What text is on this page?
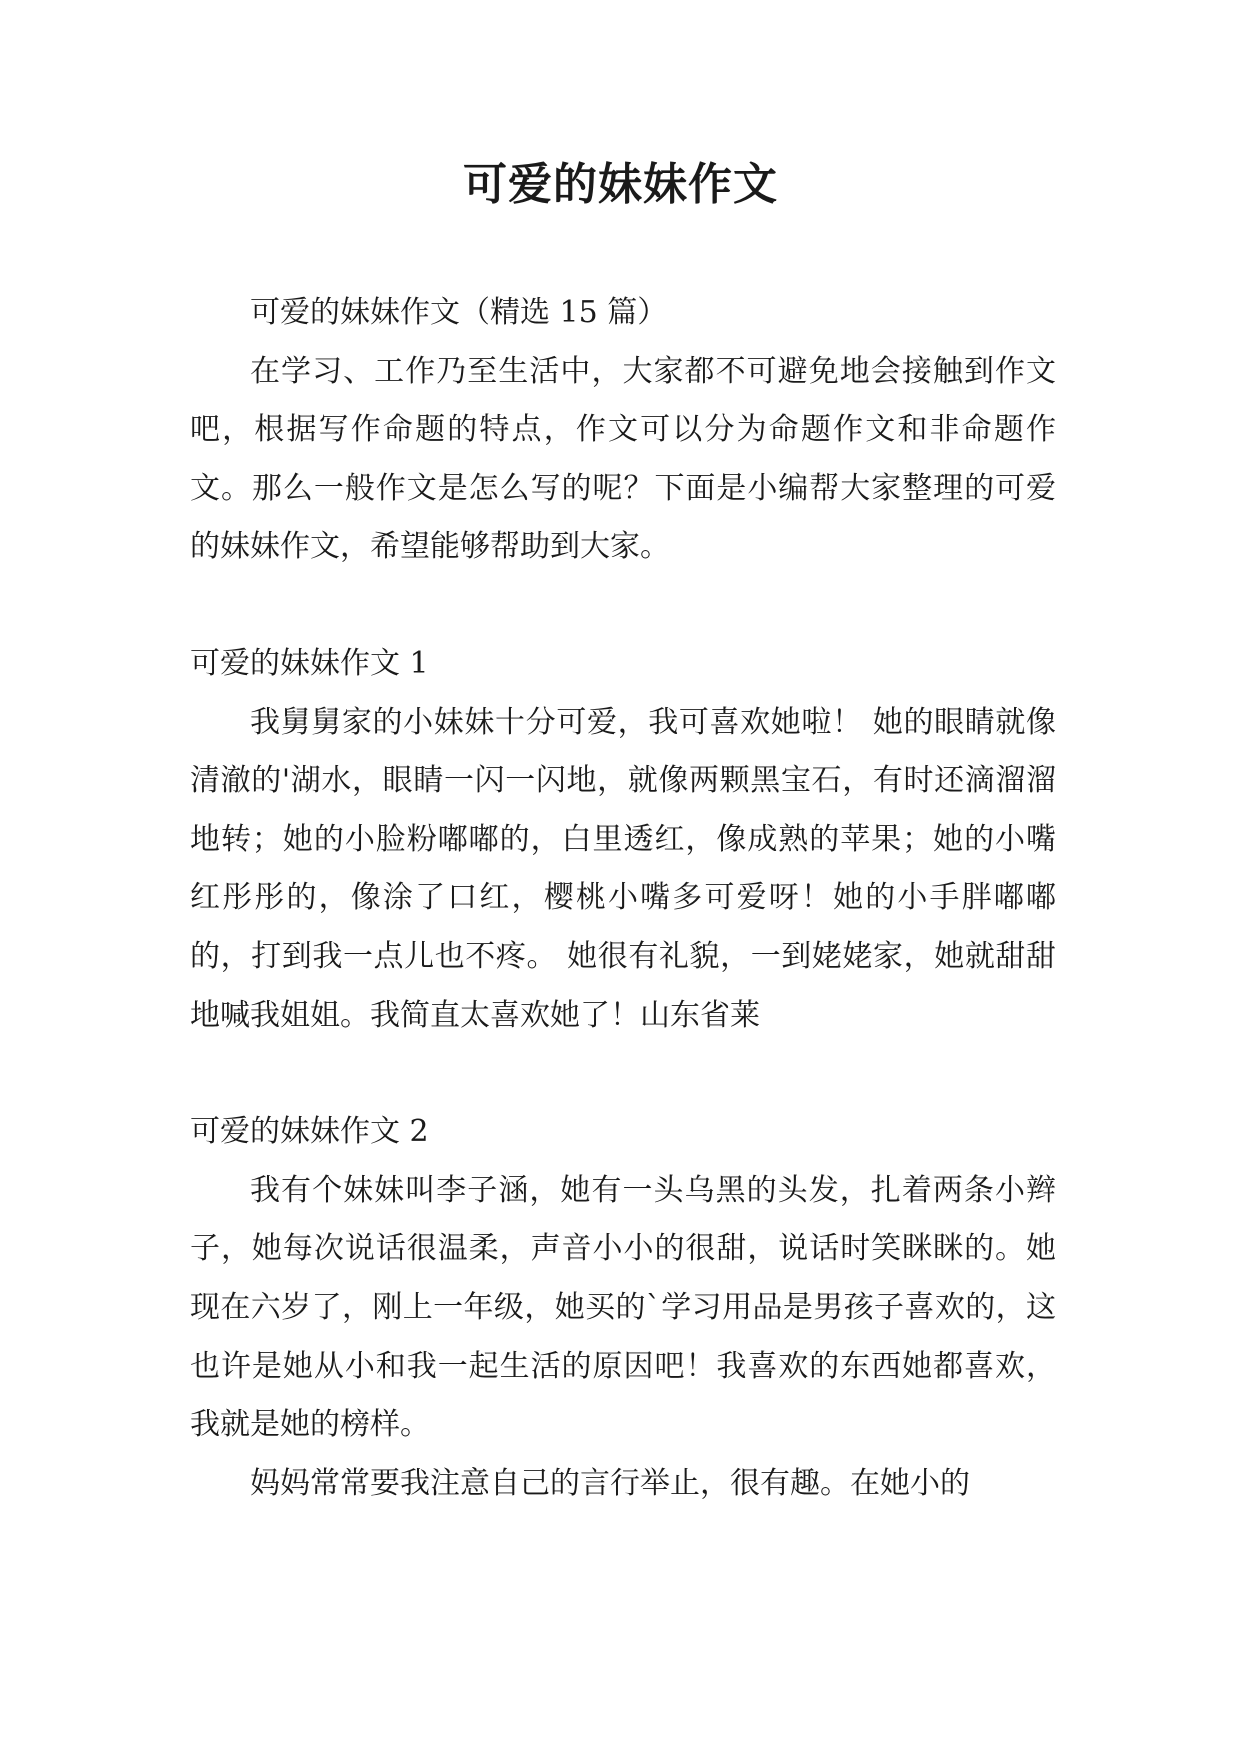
可爱的妹妹作文

可爱的妹妹作文（精选 15 篇）

在学习、工作乃至生活中，大家都不可避免地会接触到作文吧，根据写作命题的特点，作文可以分为命题作文和非命题作文。那么一般作文是怎么写的呢？下面是小编帮大家整理的可爱的妹妹作文，希望能够帮助到大家。

可爱的妹妹作文 1

我舅舅家的小妹妹十分可爱，我可喜欢她啦！ 她的眼睛就像清澈的'湖水，眼睛一闪一闪地，就像两颗黑宝石，有时还滴溜溜地转；她的小脸粉嘟嘟的，白里透红，像成熟的苹果；她的小嘴红彤彤的，像涂了口红，樱桃小嘴多可爱呀！她的小手胖嘟嘟的，打到我一点儿也不疼。 她很有礼貌，一到姥姥家，她就甜甜地喊我姐姐。我简直太喜欢她了！山东省莱

可爱的妹妹作文 2

我有个妹妹叫李子涵，她有一头乌黑的头发，扎着两条小辫子，她每次说话很温柔，声音小小的很甜，说话时笑眯眯的。她现在六岁了，刚上一年级，她买的`学习用品是男孩子喜欢的，这也许是她从小和我一起生活的原因吧！我喜欢的东西她都喜欢，我就是她的榜样。

妈妈常常要我注意自己的言行举止，很有趣。在她小的
